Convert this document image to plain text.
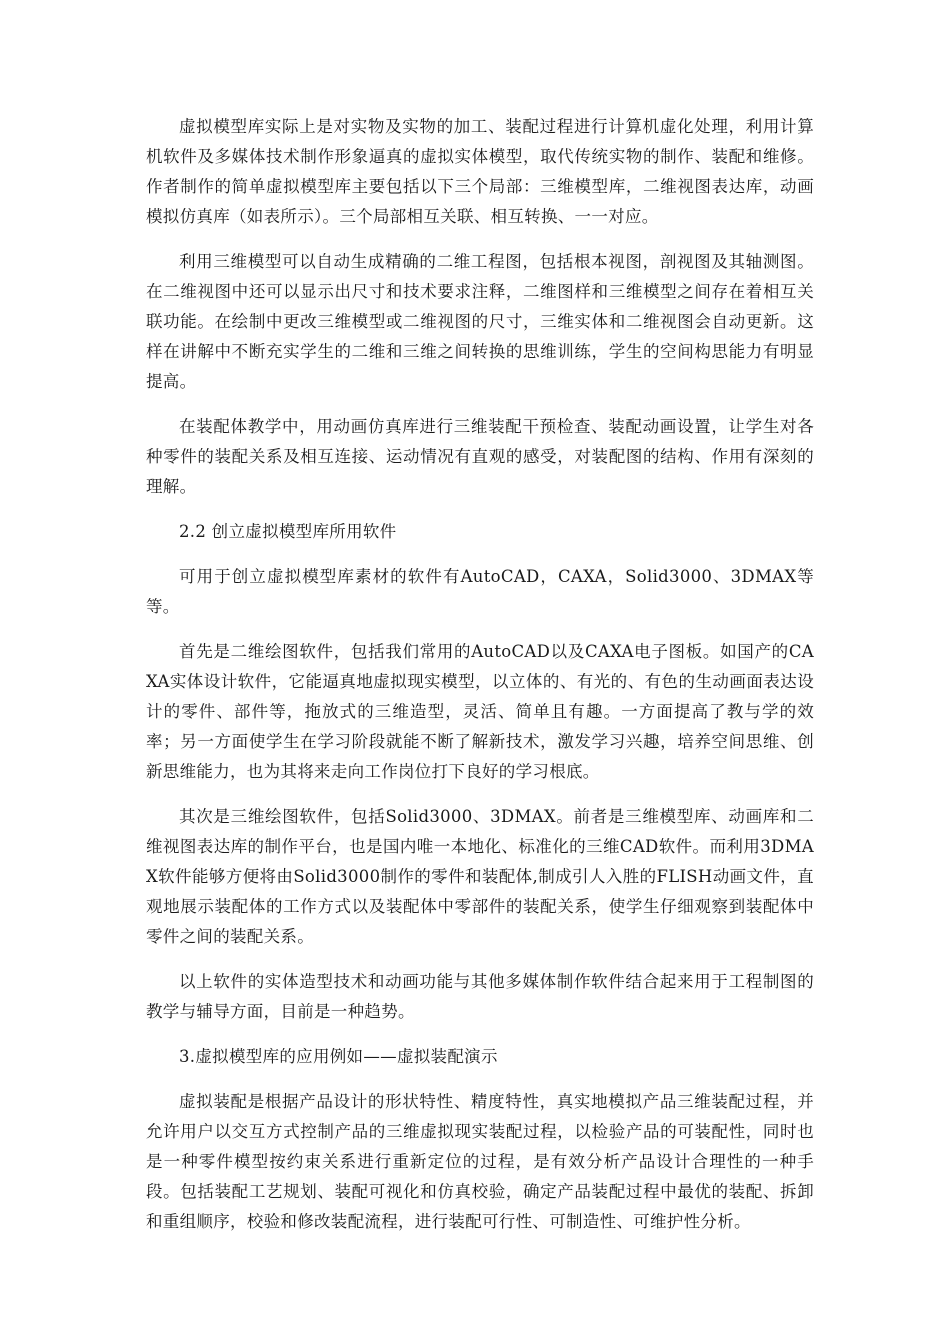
虚拟模型库实际上是对实物及实物的加工、装配过程进行计算机虚化处理，利用计算机软件及多媒体技术制作形象逼真的虚拟实体模型，取代传统实物的制作、装配和维修。作者制作的简单虚拟模型库主要包括以下三个局部：三维模型库，二维视图表达库，动画模拟仿真库（如表所示）。三个局部相互关联、相互转换、一一对应。

利用三维模型可以自动生成精确的二维工程图，包括根本视图，剖视图及其轴测图。在二维视图中还可以显示出尺寸和技术要求注释，二维图样和三维模型之间存在着相互关联功能。在绘制中更改三维模型或二维视图的尺寸，三维实体和二维视图会自动更新。这样在讲解中不断充实学生的二维和三维之间转换的思维训练，学生的空间构思能力有明显提高。

在装配体教学中，用动画仿真库进行三维装配干预检查、装配动画设置，让学生对各种零件的装配关系及相互连接、运动情况有直观的感受，对装配图的结构、作用有深刻的理解。

2.2 创立虚拟模型库所用软件

可用于创立虚拟模型库素材的软件有AutoCAD，CAXA，Solid3000、3DMAX等等。

首先是二维绘图软件，包括我们常用的AutoCAD以及CAXA电子图板。如国产的CAXA实体设计软件，它能逼真地虚拟现实模型，以立体的、有光的、有色的生动画面表达设计的零件、部件等，拖放式的三维造型，灵活、简单且有趣。一方面提高了教与学的效率；另一方面使学生在学习阶段就能不断了解新技术，激发学习兴趣，培养空间思维、创新思维能力，也为其将来走向工作岗位打下良好的学习根底。

其次是三维绘图软件，包括Solid3000、3DMAX。前者是三维模型库、动画库和二维视图表达库的制作平台，也是国内唯一本地化、标准化的三维CAD软件。而利用3DMAX软件能够方便将由Solid3000制作的零件和装配体,制成引人入胜的FLISH动画文件，直观地展示装配体的工作方式以及装配体中零部件的装配关系，使学生仔细观察到装配体中零件之间的装配关系。

以上软件的实体造型技术和动画功能与其他多媒体制作软件结合起来用于工程制图的教学与辅导方面，目前是一种趋势。

3.虚拟模型库的应用例如——虚拟装配演示

虚拟装配是根据产品设计的形状特性、精度特性，真实地模拟产品三维装配过程，并允许用户以交互方式控制产品的三维虚拟现实装配过程，以检验产品的可装配性，同时也是一种零件模型按约束关系进行重新定位的过程，是有效分析产品设计合理性的一种手段。包括装配工艺规划、装配可视化和仿真校验，确定产品装配过程中最优的装配、拆卸和重组顺序，校验和修改装配流程，进行装配可行性、可制造性、可维护性分析。
